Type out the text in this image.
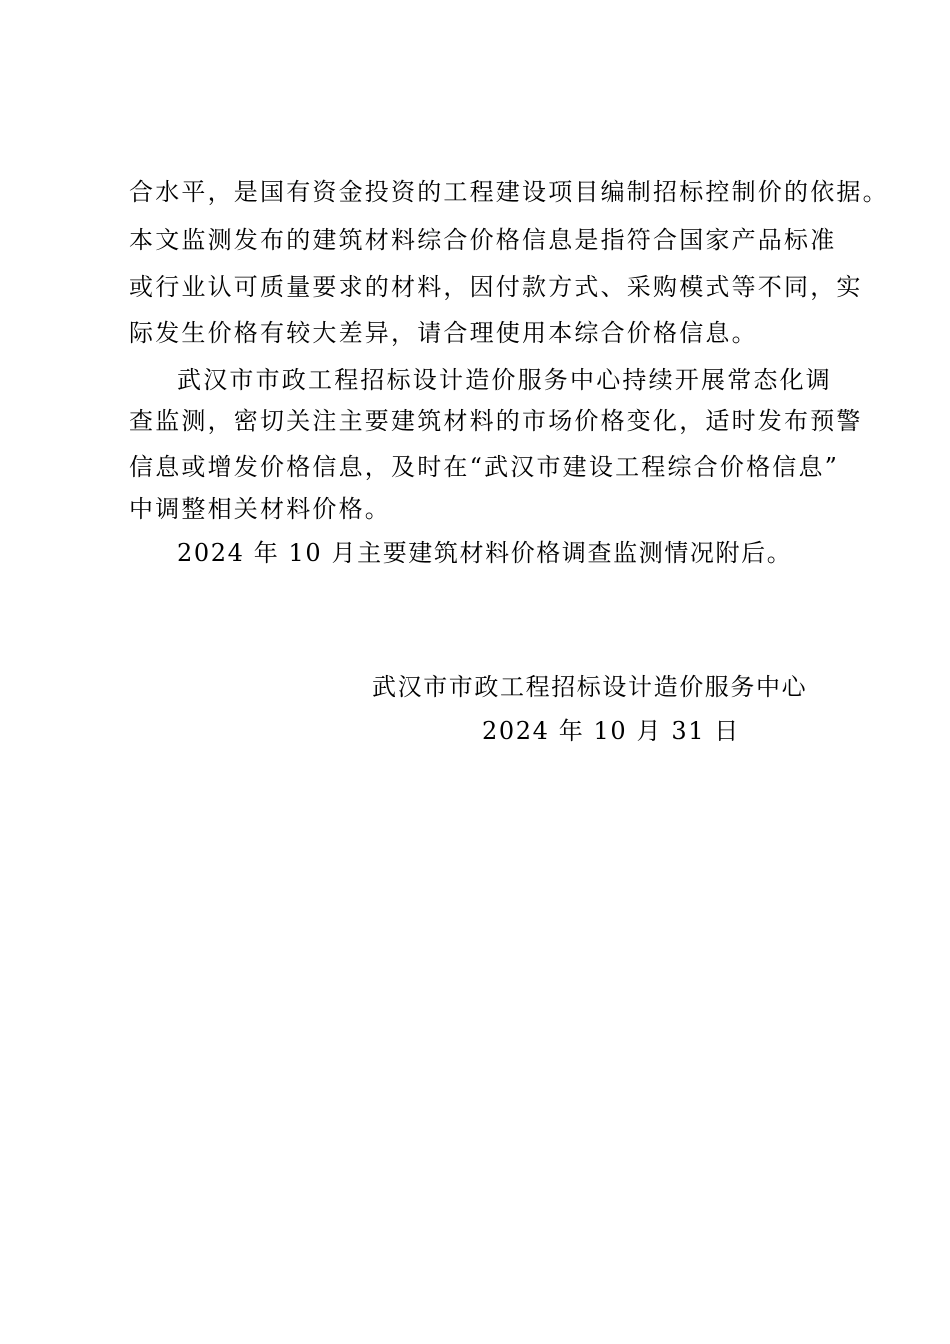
合水平，是国有资金投资的工程建设项目编制招标控制价的依据。
本文监测发布的建筑材料综合价格信息是指符合国家产品标准
或行业认可质量要求的材料，因付款方式、采购模式等不同，实
际发生价格有较大差异，请合理使用本综合价格信息。
武汉市市政工程招标设计造价服务中心持续开展常态化调
查监测，密切关注主要建筑材料的市场价格变化，适时发布预警
信息或增发价格信息，及时在“武汉市建设工程综合价格信息”
中调整相关材料价格。
2024 年 10 月主要建筑材料价格调查监测情况附后。
武汉市市政工程招标设计造价服务中心
2024 年 10 月 31 日
